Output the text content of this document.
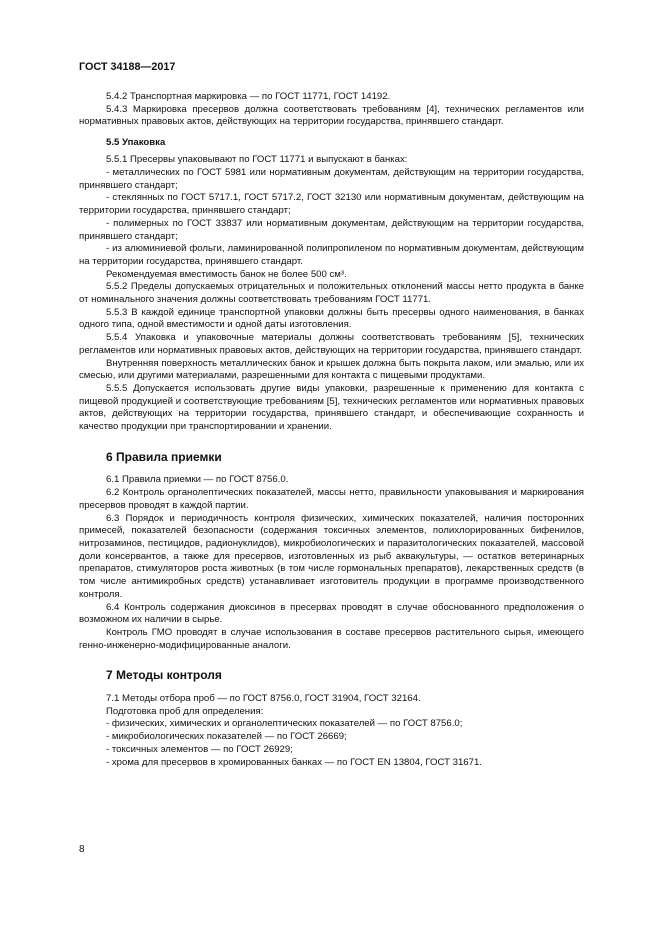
ГОСТ 34188—2017

5.4.2 Транспортная маркировка — по ГОСТ 11771, ГОСТ 14192.

5.4.3 Маркировка пресервов должна соответствовать требованиям [4], технических регламентов или нормативных правовых актов, действующих на территории государства, принявшего стандарт.

5.5 Упаковка

5.5.1 Пресервы упаковывают по ГОСТ 11771 и выпускают в банках:

- металлических по ГОСТ 5981 или нормативным документам, действующим на территории государства, принявшего стандарт;

- стеклянных по ГОСТ 5717.1, ГОСТ 5717.2, ГОСТ 32130 или нормативным документам, действующим на территории государства, принявшего стандарт;

- полимерных по ГОСТ 33837 или нормативным документам, действующим на территории государства, принявшего стандарт;

- из алюминиевой фольги, ламинированной полипропиленом по нормативным документам, действующим на территории государства, принявшего стандарт.

Рекомендуемая вместимость банок не более 500 см³.

5.5.2 Пределы допускаемых отрицательных и положительных отклонений массы нетто продукта в банке от номинального значения должны соответствовать требованиям ГОСТ 11771.

5.5.3 В каждой единице транспортной упаковки должны быть пресервы одного наименования, в банках одного типа, одной вместимости и одной даты изготовления.

5.5.4 Упаковка и упаковочные материалы должны соответствовать требованиям [5], технических регламентов или нормативных правовых актов, действующих на территории государства, принявшего стандарт.

Внутренняя поверхность металлических банок и крышек должна быть покрыта лаком, или эмалью, или их смесью, или другими материалами, разрешенными для контакта с пищевыми продуктами.

5.5.5 Допускается использовать другие виды упаковки, разрешенные к применению для контакта с пищевой продукцией и соответствующие требованиям [5], технических регламентов или нормативных правовых актов, действующих на территории государства, принявшего стандарт, и обеспечивающие сохранность и качество продукции при транспортировании и хранении.

6 Правила приемки

6.1 Правила приемки — по ГОСТ 8756.0.

6.2 Контроль органолептических показателей, массы нетто, правильности упаковывания и маркирования пресервов проводят в каждой партии.

6.3 Порядок и периодичность контроля физических, химических показателей, наличия посторонних примесей, показателей безопасности (содержания токсичных элементов, полихлорированных бифенилов, нитрозаминов, пестицидов, радионуклидов), микробиологических и паразитологических показателей, массовой доли консервантов, а также для пресервов, изготовленных из рыб аквакультуры, — остатков ветеринарных препаратов, стимуляторов роста животных (в том числе гормональных препаратов), лекарственных средств (в том числе антимикробных средств) устанавливает изготовитель продукции в программе производственного контроля.

6.4 Контроль содержания диоксинов в пресервах проводят в случае обоснованного предположения о возможном их наличии в сырье.

Контроль ГМО проводят в случае использования в составе пресервов растительного сырья, имеющего генно-инженерно-модифицированные аналоги.

7 Методы контроля

7.1 Методы отбора проб — по ГОСТ 8756.0, ГОСТ 31904, ГОСТ 32164.

Подготовка проб для определения:

- физических, химических и органолептических показателей — по ГОСТ 8756.0;

- микробиологических показателей — по ГОСТ 26669;

- токсичных элементов — по ГОСТ 26929;

- хрома для пресервов в хромированных банках — по ГОСТ EN 13804, ГОСТ 31671.

8
